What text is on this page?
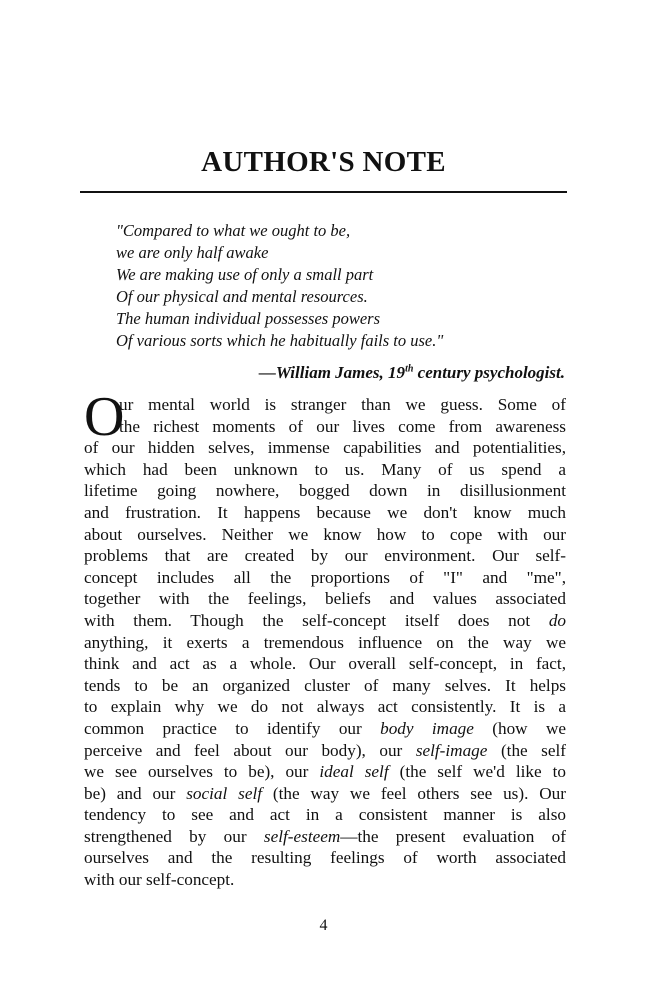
AUTHOR'S NOTE
"Compared to what we ought to be,
we are only half awake
We are making use of only a small part
Of our physical and mental resources.
The human individual possesses powers
Of various sorts which he habitually fails to use."
—William James, 19th century psychologist.
O
ur mental world is stranger than we guess. Some of
the richest moments of our lives come from awareness
of our hidden selves, immense capabilities and potentialities,
which had been unknown to us. Many of us spend a
lifetime going nowhere, bogged down in disillusionment
and frustration. It happens because we don't know much
about ourselves. Neither we know how to cope with our
problems that are created by our environment. Our self-
concept includes all the proportions of "I" and "me",
together with the feelings, beliefs and values associated
with them. Though the self-concept itself does not do
anything, it exerts a tremendous influence on the way we
think and act as a whole. Our overall self-concept, in fact,
tends to be an organized cluster of many selves. It helps
to explain why we do not always act consistently. It is a
common practice to identify our body image (how we
perceive and feel about our body), our self-image (the self
we see ourselves to be), our ideal self (the self we'd like to
be) and our social self (the way we feel others see us). Our
tendency to see and act in a consistent manner is also
strengthened by our self-esteem—the present evaluation of
ourselves and the resulting feelings of worth associated
with our self-concept.
4
